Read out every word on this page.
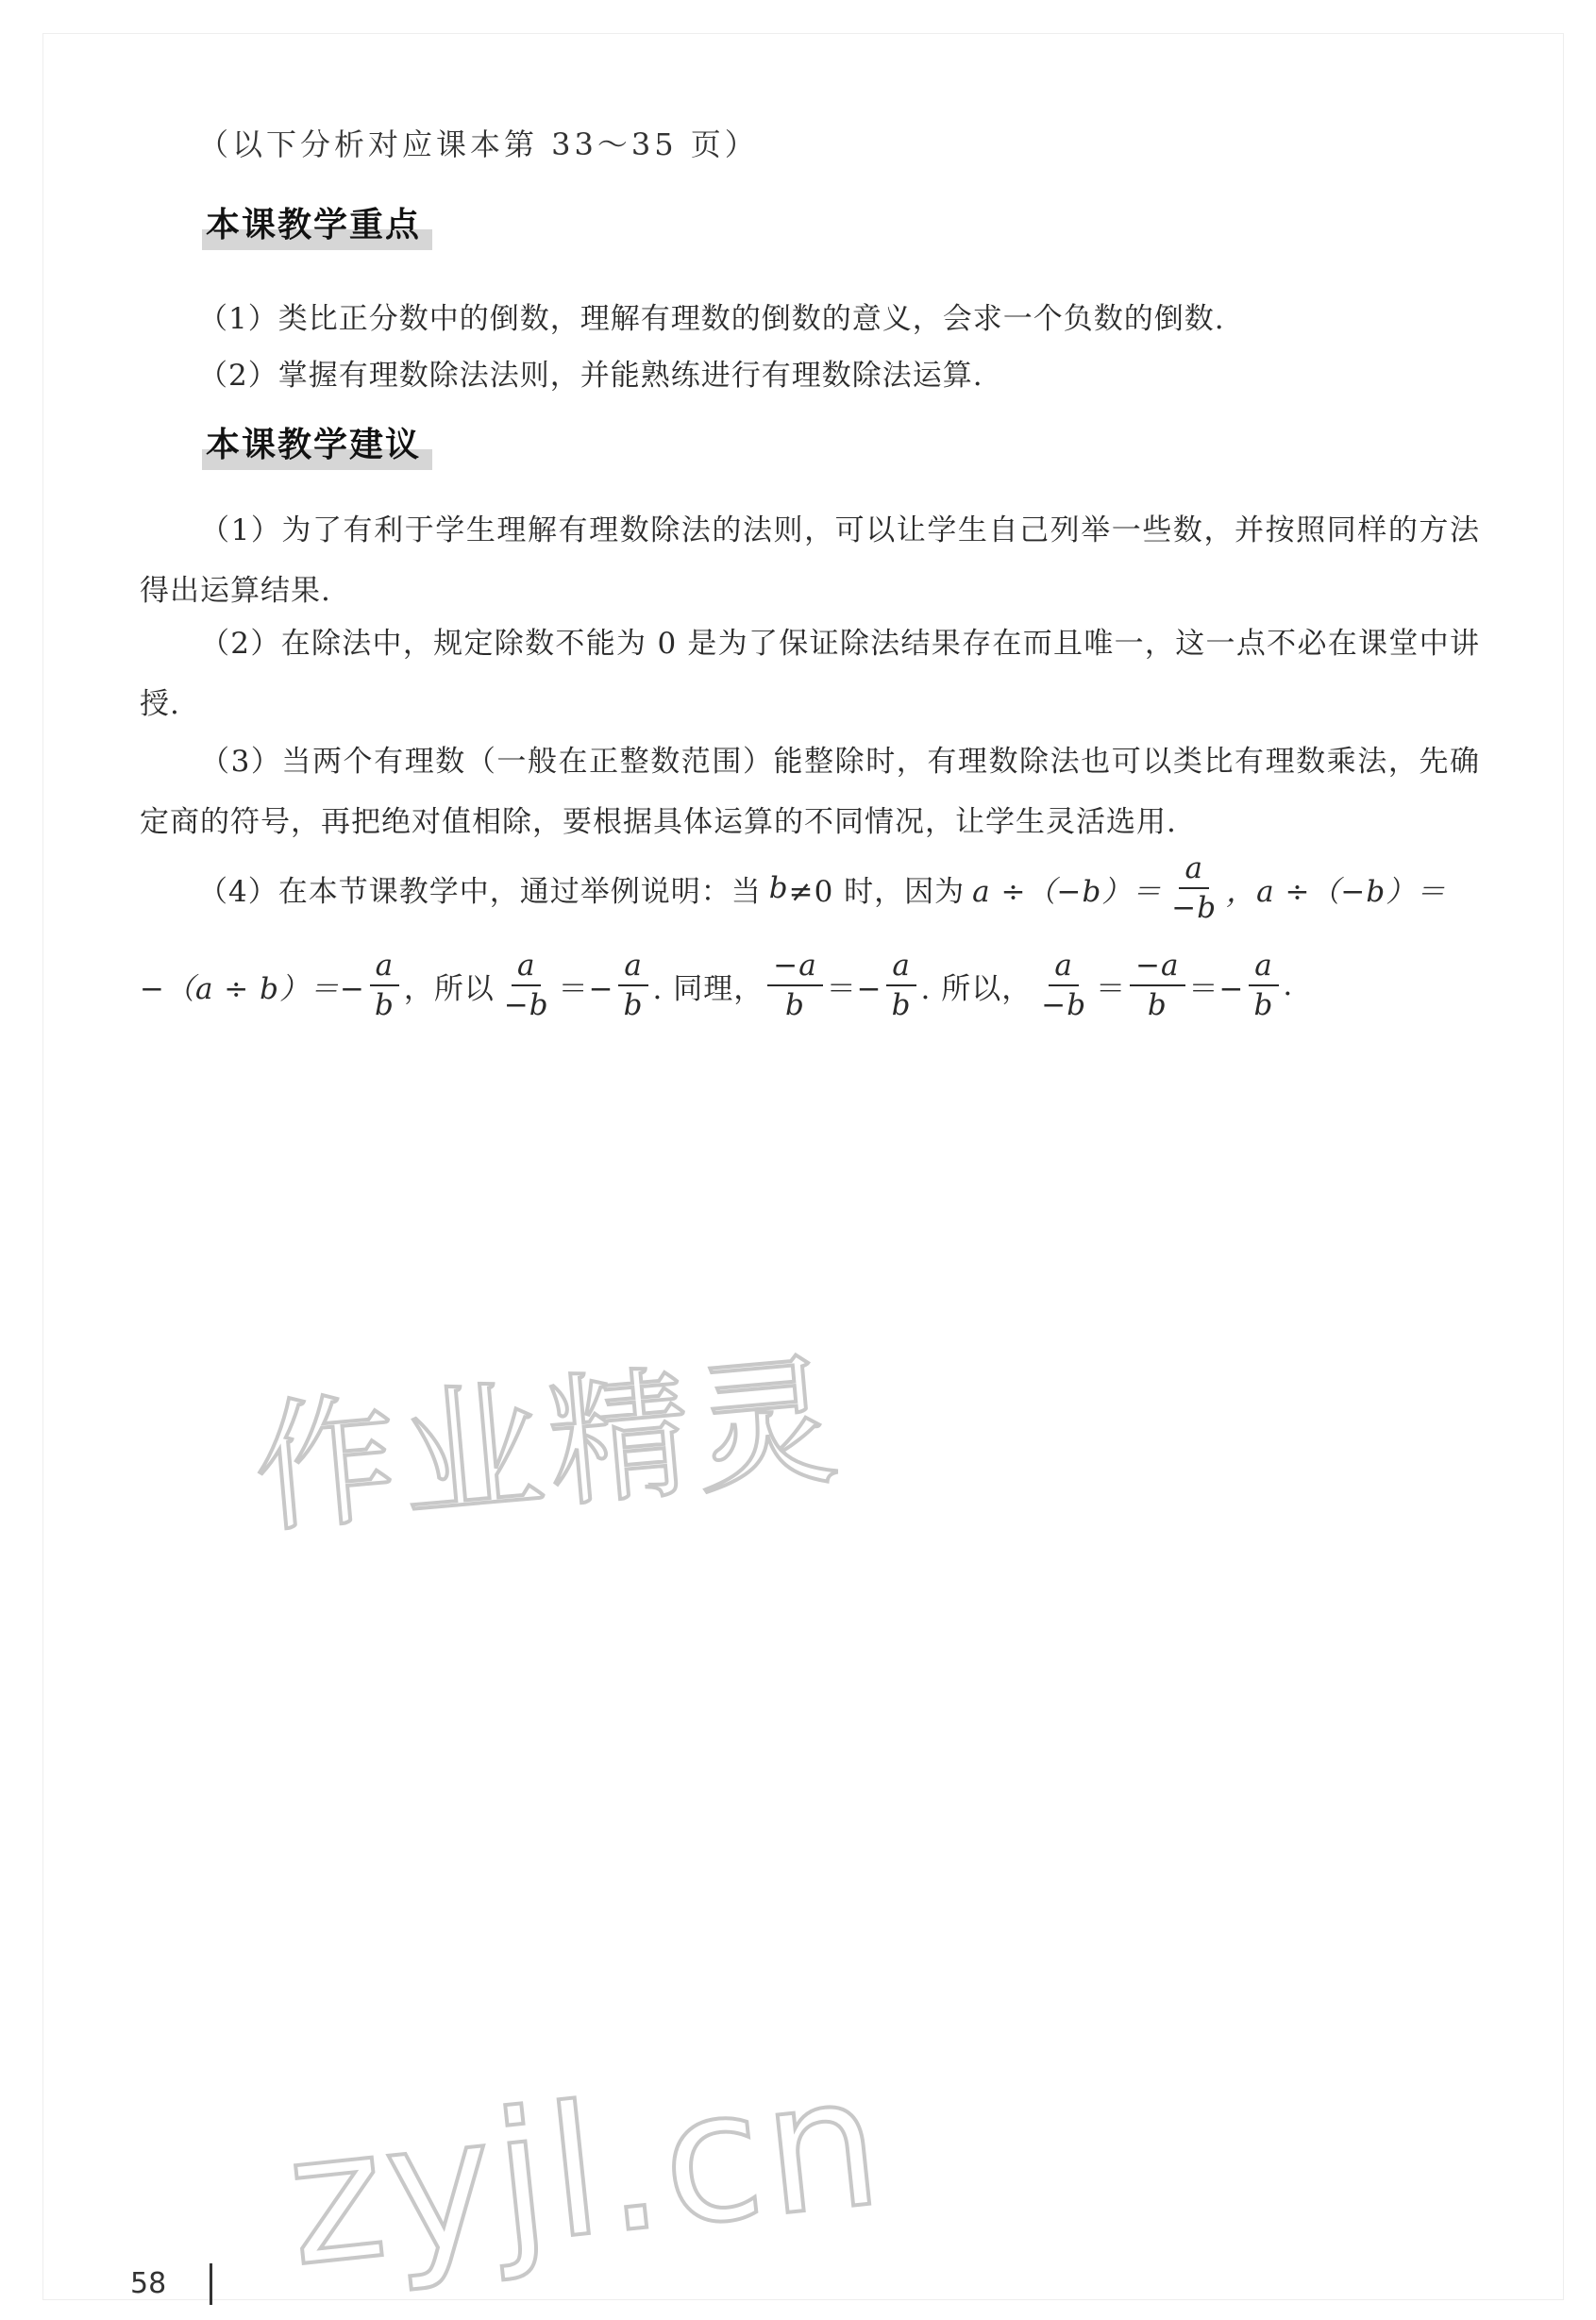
（以下分析对应课本第 33～35 页）
本课教学重点
（1）类比正分数中的倒数，理解有理数的倒数的意义，会求一个负数的倒数.
（2）掌握有理数除法法则，并能熟练进行有理数除法运算.
本课教学建议
（1）为了有利于学生理解有理数除法的法则，可以让学生自己列举一些数，并按照同样的方法得出运算结果.
（2）在除法中，规定除数不能为 0 是为了保证除法结果存在而且唯一，这一点不必在课堂中讲授.
（3）当两个有理数（一般在正整数范围）能整除时，有理数除法也可以类比有理数乘法，先确定商的符号，再把绝对值相除，要根据具体运算的不同情况，让学生灵活选用.
（4）在本节课教学中，通过举例说明：当 b ≠0 时，因为 $a \div(-b)= \frac{a}{-b}$ ，a ÷（−b）＝
$-(a \div b)=- \frac{a}{b}$ ，所以 $\frac{a}{-b} =- \frac{a}{b}$ . 同理， $\frac{-a}{b} =- \frac{a}{b}$ . 所以， $\frac{a}{-b} = \frac{-a}{b} =- \frac{a}{b}$ .
作业精灵
zyjl.cn
58
